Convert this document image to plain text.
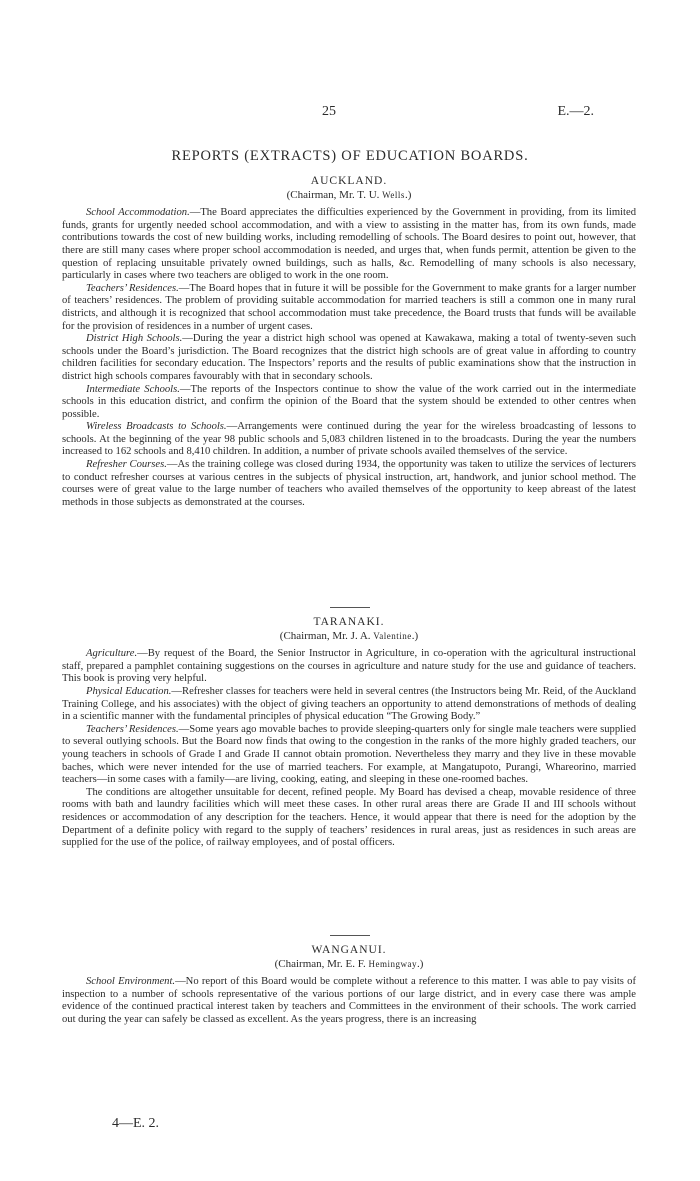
25	E.—2.
REPORTS (EXTRACTS) OF EDUCATION BOARDS.
AUCKLAND.
(Chairman, Mr. T. U. Wells.)

School Accommodation.—The Board appreciates the difficulties experienced by the Government in providing, from its limited funds, grants for urgently needed school accommodation, and with a view to assisting in the matter has, from its own funds, made contributions towards the cost of new building works, including remodelling of schools. The Board desires to point out, however, that there are still many cases where proper school accommodation is needed, and urges that, when funds permit, attention be given to the question of replacing unsuitable privately owned buildings, such as halls, &c. Remodelling of many schools is also necessary, particularly in cases where two teachers are obliged to work in the one room.

Teachers’ Residences.—The Board hopes that in future it will be possible for the Government to make grants for a larger number of teachers’ residences. The problem of providing suitable accommodation for married teachers is still a common one in many rural districts, and although it is recognized that school accommodation must take precedence, the Board trusts that funds will be available for the provision of residences in a number of urgent cases.

District High Schools.—During the year a district high school was opened at Kawakawa, making a total of twenty-seven such schools under the Board’s jurisdiction. The Board recognizes that the district high schools are of great value in affording to country children facilities for secondary education. The Inspectors’ reports and the results of public examinations show that the instruction in district high schools compares favourably with that in secondary schools.

Intermediate Schools.—The reports of the Inspectors continue to show the value of the work carried out in the intermediate schools in this education district, and confirm the opinion of the Board that the system should be extended to other centres when possible.

Wireless Broadcasts to Schools.—Arrangements were continued during the year for the wireless broadcasting of lessons to schools. At the beginning of the year 98 public schools and 5,083 children listened in to the broadcasts. During the year the numbers increased to 162 schools and 8,410 children. In addition, a number of private schools availed themselves of the service.

Refresher Courses.—As the training college was closed during 1934, the opportunity was taken to utilize the services of lecturers to conduct refresher courses at various centres in the subjects of physical instruction, art, handwork, and junior school method. The courses were of great value to the large number of teachers who availed themselves of the opportunity to keep abreast of the latest methods in those subjects as demonstrated at the courses.

TARANAKI.
(Chairman, Mr. J. A. Valentine.)

Agriculture.—By request of the Board, the Senior Instructor in Agriculture, in co-operation with the agricultural instructional staff, prepared a pamphlet containing suggestions on the courses in agriculture and nature study for the use and guidance of teachers. This book is proving very helpful.

Physical Education.—Refresher classes for teachers were held in several centres (the Instructors being Mr. Reid, of the Auckland Training College, and his associates) with the object of giving teachers an opportunity to attend demonstrations of methods of dealing in a scientific manner with the fundamental principles of physical education “The Growing Body.”

Teachers’ Residences.—Some years ago movable baches to provide sleeping-quarters only for single male teachers were supplied to several outlying schools. But the Board now finds that owing to the congestion in the ranks of the more highly graded teachers, our young teachers in schools of Grade I and Grade II cannot obtain promotion. Nevertheless they marry and they live in these movable baches, which were never intended for the use of married teachers. For example, at Mangatupoto, Purangi, Whareorino, married teachers—in some cases with a family—are living, cooking, eating, and sleeping in these one-roomed baches.

The conditions are altogether unsuitable for decent, refined people. My Board has devised a cheap, movable residence of three rooms with bath and laundry facilities which will meet these cases. In other rural areas there are Grade II and III schools without residences or accommodation of any description for the teachers. Hence, it would appear that there is need for the adoption by the Department of a definite policy with regard to the supply of teachers’ residences in rural areas, just as residences in such areas are supplied for the use of the police, of railway employees, and of postal officers.

WANGANUI.
(Chairman, Mr. E. F. Hemingway.)

School Environment.—No report of this Board would be complete without a reference to this matter. I was able to pay visits of inspection to a number of schools representative of the various portions of our large district, and in every case there was ample evidence of the continued practical interest taken by teachers and Committees in the environment of their schools. The work carried out during the year can safely be classed as excellent. As the years progress, there is an increasing

4—E. 2.
